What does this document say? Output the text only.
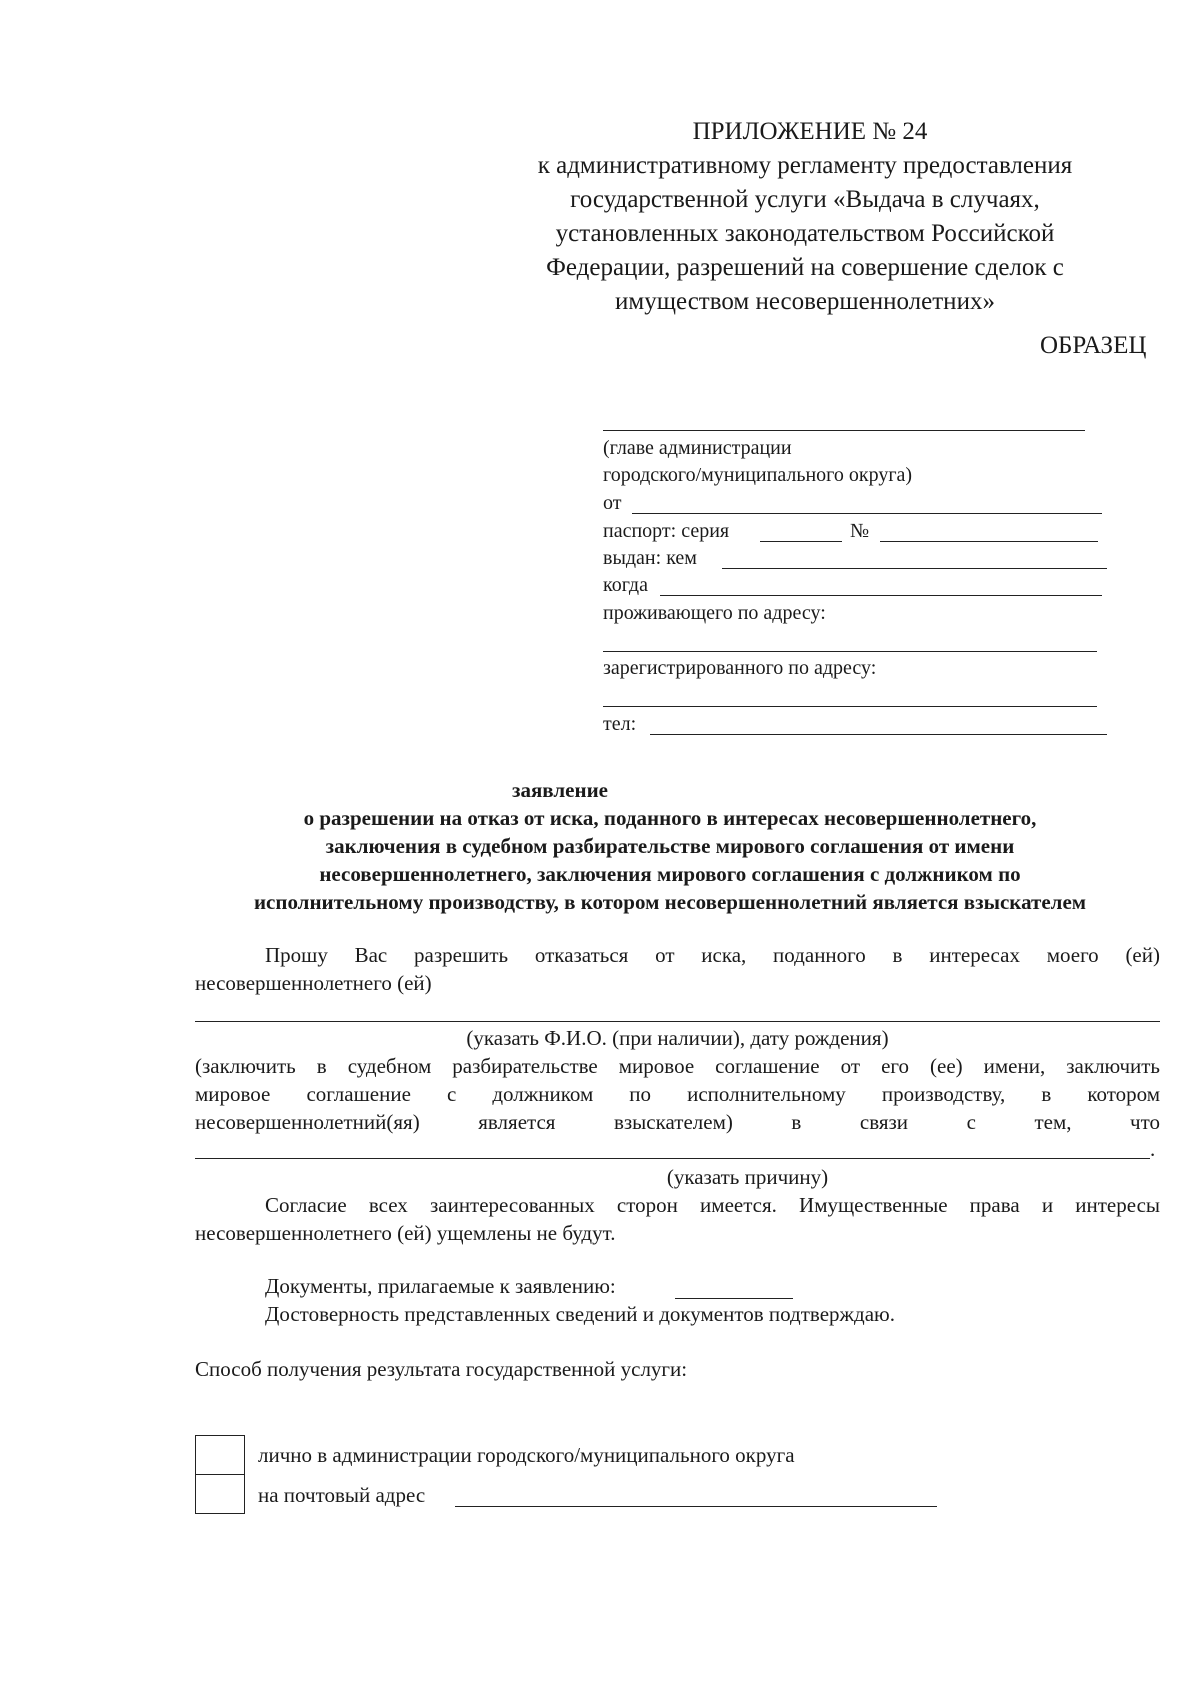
ПРИЛОЖЕНИЕ № 24
к административному регламенту предоставления
государственной услуги «Выдача в случаях,
установленных законодательством Российской
Федерации, разрешений на совершение сделок с
имуществом несовершеннолетних»
ОБРАЗЕЦ
(главе администрации
городского/муниципального округа)
от
паспорт: серия	№
выдан: кем
когда
проживающего по адресу:
зарегистрированного по адресу:
тел:
заявление
о разрешении на отказ от иска, поданного в интересах несовершеннолетнего,
заключения в судебном разбирательстве мирового соглашения от имени
несовершеннолетнего, заключения мирового соглашения с должником по
исполнительному производству, в котором несовершеннолетний является взыскателем
Прошу Вас разрешить отказаться от иска, поданного в интересах моего (ей)
несовершеннолетнего (ей)
(указать Ф.И.О. (при наличии), дату рождения)
(заключить в судебном разбирательстве мировое соглашение от его (ее) имени, заключить
мировое соглашение с должником по исполнительному производству, в котором
несовершеннолетний(яя) является взыскателем) в связи с тем, что
.
(указать причину)
Согласие всех заинтересованных сторон имеется. Имущественные права и интересы
несовершеннолетнего (ей) ущемлены не будут.
Документы, прилагаемые к заявлению:
Достоверность представленных сведений и документов подтверждаю.
Способ получения результата государственной услуги:
лично в администрации городского/муниципального округа
на почтовый адрес
